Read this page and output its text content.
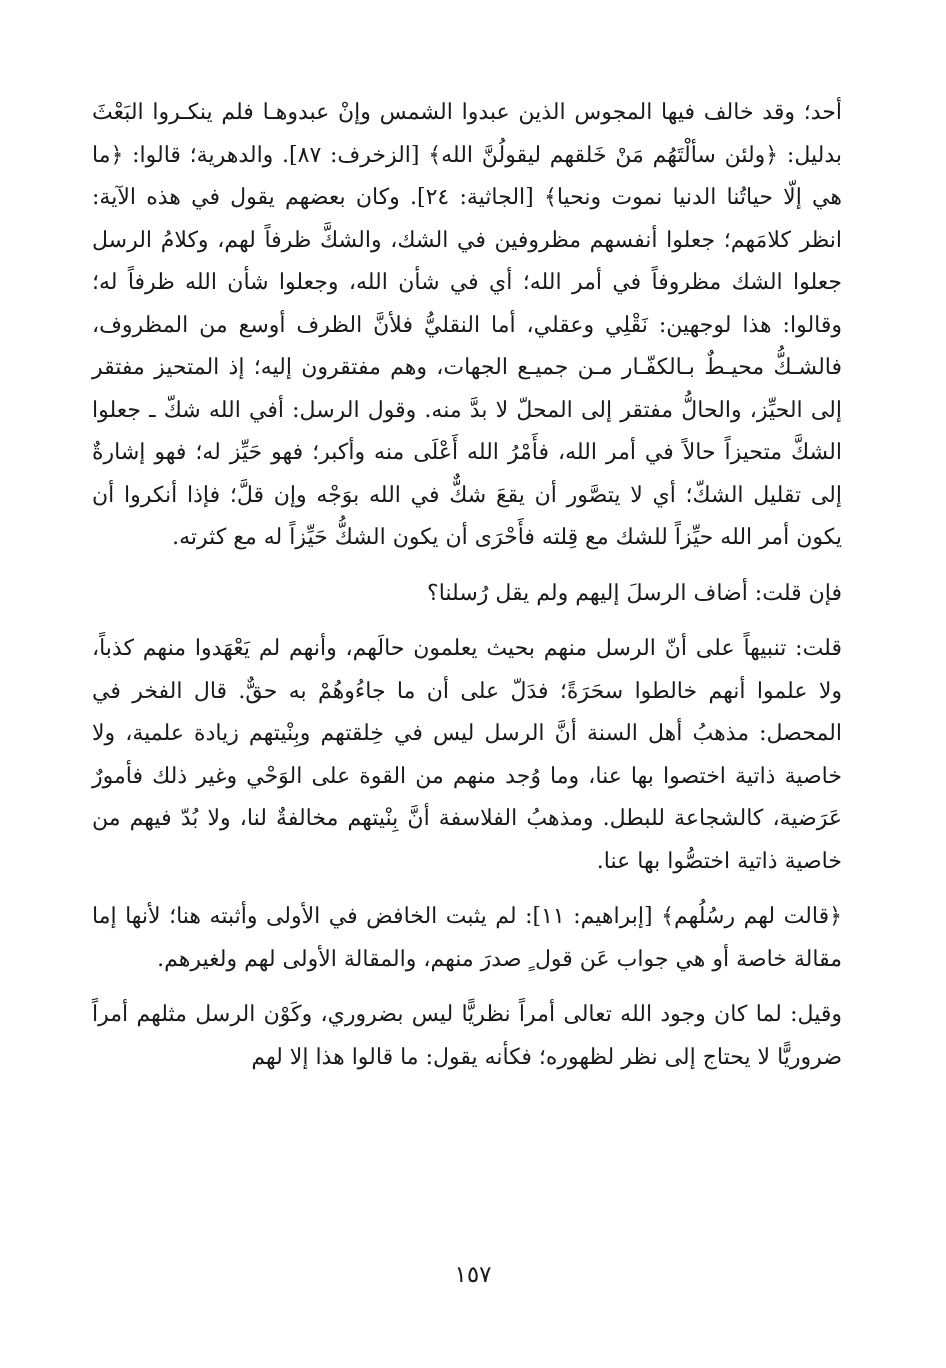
أحد؛ وقد خالف فيها المجوس الذين عبدوا الشمس وإنْ عبدوهـا فلم ينكـروا البَعْثَ بدليل: ﴿ولئن سألْتَهُم مَنْ خَلقهم ليقولُنَّ الله﴾ [الزخرف: ٨٧]. والدهرية؛ قالوا: ﴿ما هي إلّا حياتُنا الدنيا نموت ونحيا﴾ [الجاثية: ٢٤]. وكان بعضهم يقول في هذه الآية: انظر كلامَهم؛ جعلوا أنفسهم مظروفين في الشك، والشكَّ ظرفاً لهم، وكلامُ الرسل جعلوا الشك مظروفاً في أمر الله؛ أي في شأن الله، وجعلوا شأن الله ظرفاً له؛ وقالوا: هذا لوجهين: نَقْلِي وعقلي، أما النقليُّ فلأنَّ الظرف أوسع من المظروف، فالشـكُّ محيـطٌ بـالكفّـار مـن جميـع الجهات، وهم مفتقرون إليه؛ إذ المتحيز مفتقر إلى الحيِّز، والحالُّ مفتقر إلى المحلّ لا بدَّ منه. وقول الرسل: أفي الله شكّ ـ جعلوا الشكَّ متحيزاً حالاً في أمر الله، فأَمْرُ الله أَعْلَى منه وأكبر؛ فهو حَيِّز له؛ فهو إشارةٌ إلى تقليل الشكّ؛ أي لا يتصَّور أن يقعَ شكٌّ في الله بوَجْه وإن قلَّ؛ فإذا أنكروا أن يكون أمر الله حيِّزاً للشك مع قِلته فأَحْرَى أن يكون الشكُّ حَيِّزاً له مع كثرته.

فإن قلت: أضاف الرسلَ إليهم ولم يقل رُسلنا؟

قلت: تنبيهاً على أنّ الرسل منهم بحيث يعلمون حالَهم، وأنهم لم يَعْهَدوا منهم كذباً، ولا علموا أنهم خالطوا سحَرَةً؛ فدَلّ على أن ما جاءُوهُمْ به حقٌّ. قال الفخر في المحصل: مذهبُ أهل السنة أنَّ الرسل ليس في خِلقتهم وبِنْيتهم زيادة علمية، ولا خاصية ذاتية اختصوا بها عنا، وما وُجد منهم من القوة على الوَحْي وغير ذلك فأمورٌ عَرَضية، كالشجاعة للبطل. ومذهبُ الفلاسفة أنَّ بِنْيتهم مخالفةٌ لنا، ولا بُدّ فيهم من خاصية ذاتية اختصُّوا بها عنا.

﴿قالت لهم رسُلُهم﴾ [إبراهيم: ١١]: لم يثبت الخافض في الأولى وأثبته هنا؛ لأنها إما مقالة خاصة أو هي جواب عَن قول ٍ صدرَ منهم، والمقالة الأولى لهم ولغيرهم.

وقيل: لما كان وجود الله تعالى أمراً نظريًّا ليس بضروري، وكَوْن الرسل مثلهم أمراً ضروريًّا لا يحتاج إلى نظر لظهوره؛ فكأنه يقول: ما قالوا هذا إلا لهم

١٥٧
